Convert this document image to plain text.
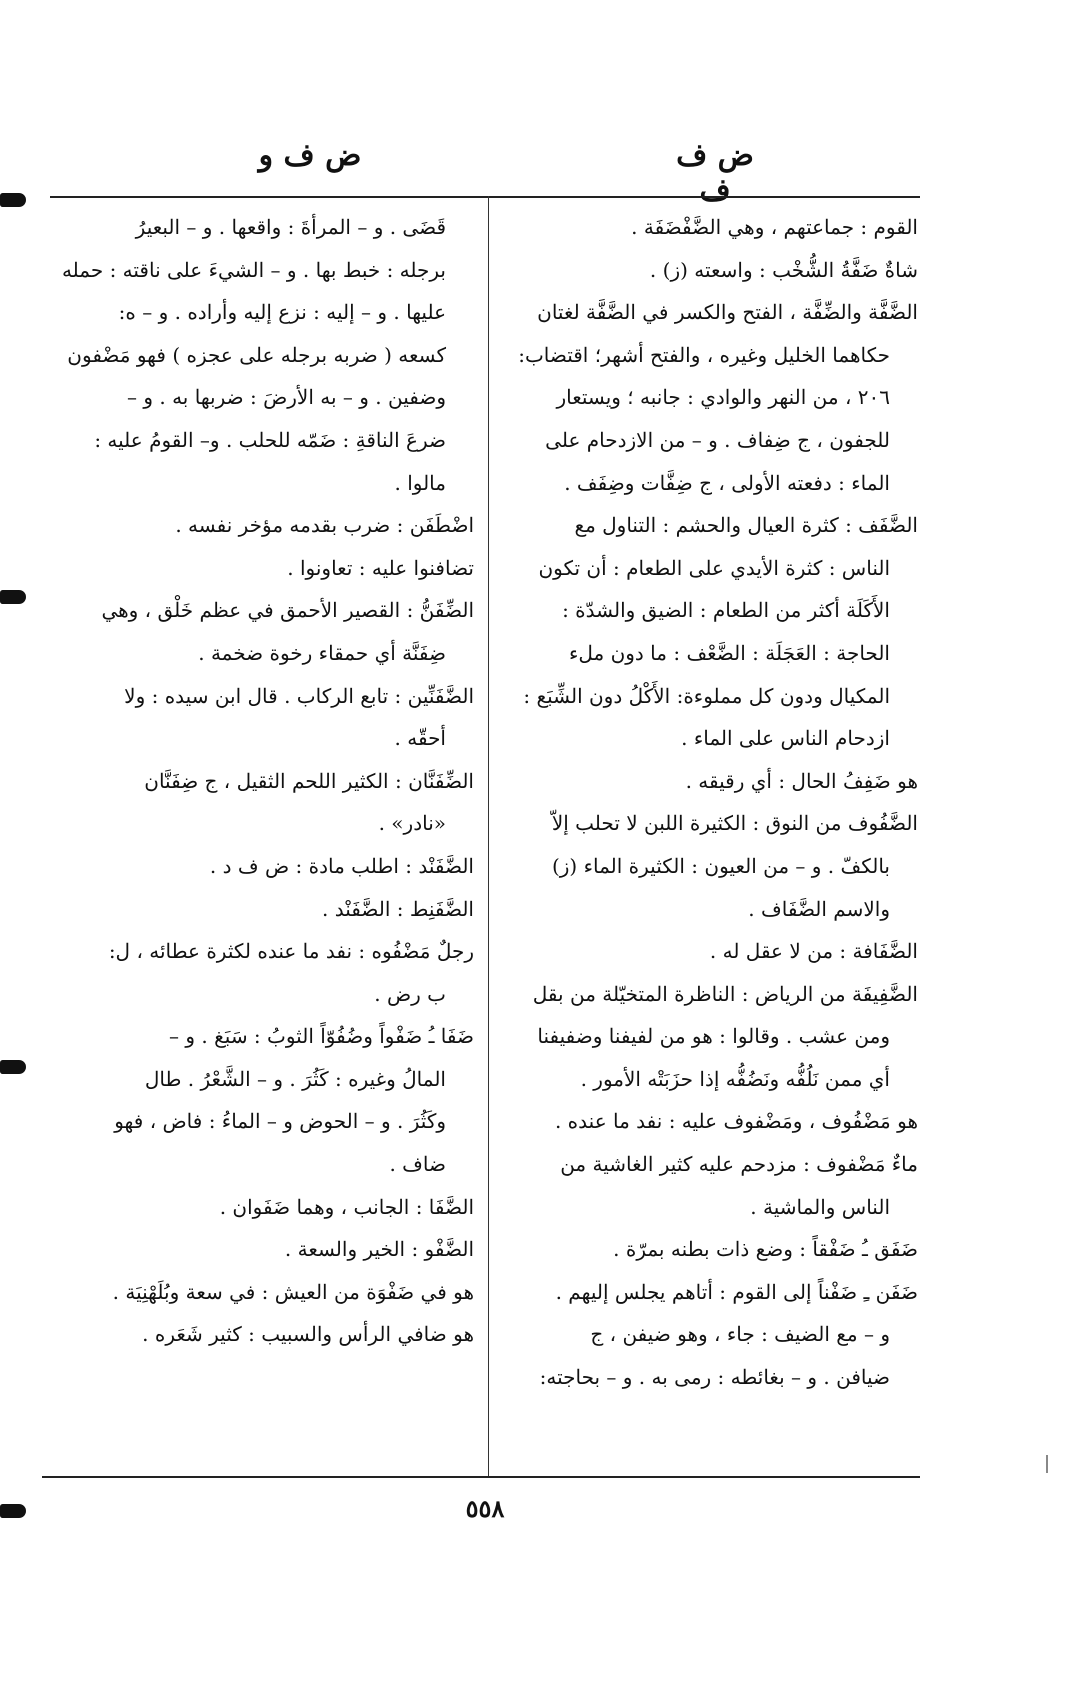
ض ف ف
ض ف و
القوم : جماعتهم ، وهي الضَّفْضَفَة .
شاةٌ ضَفَّةُ الشُّخْب : واسعته (ز) .
الضَّفَّة والضِّفَّة ، الفتح والكسر في الضَّفَّة لغتان
حكاهما الخليل وغيره ، والفتح أشهر؛ اقتضاب:
٢٠٦ ، من النهر والوادي : جانبه ؛ ويستعار
للجفون ، ج ضِفاف . و – من الازدحام على
الماء : دفعته الأولى ، ج ضِفَّات وضِفَف .
الضَّفَف : كثرة العيال والحشم : التناول مع
الناس : كثرة الأيدي على الطعام : أن تكون
الأَكَلَة أكثر من الطعام : الضيق والشدّة :
الحاجة : العَجَلَة : الضَّعْف : ما دون ملء
المكيال ودون كل مملوءة: الأَكْلُ دون الشِّبَع :
ازدحام الناس على الماء .
هو ضَفِفُ الحال : أي رقيقه .
الضَّفُوف من النوق : الكثيرة اللبن لا تحلب إلاّ
بالكفّ . و – من العيون : الكثيرة الماء (ز)
والاسم الضَّفَاف .
الضَّفَافة : من لا عقل له .
الضَّفِيفَة من الرياض : الناظرة المتخيّلة من بقل
ومن عشب . وقالوا : هو من لفيفنا وضفيفنا
أي ممن نَلُفُّه ونَضُفُّه إذا حزَبَتْه الأمور .
هو مَضْفُوف ، ومَضْفوف عليه : نفد ما عنده .
ماءٌ مَضْفوف : مزدحم عليه كثير الغاشية من
الناس والماشية .
ضَفَق ـُ ضَفْقاً : وضع ذات بطنه بمرّة .
ضَفَن ـِ ضَفْناً إلى القوم : أتاهم يجلس إليهم .
و – مع الضيف : جاء ، وهو ضيفن ، ج
ضيافن . و – بغائطه : رمى به . و – بحاجته:
قَضَى . و – المرأةَ : واقعها . و – البعيرُ
برجله : خبط بها . و – الشيءَ على ناقته : حمله
عليها . و – إليه : نزع إليه وأراده . و – ه:
كسعه ( ضربه برجله على عجزه ) فهو مَضْفون
وضفين . و – به الأرضَ : ضربها به . و –
ضرعَ الناقةِ : ضَمّه للحلب . و– القومُ عليه :
مالوا .
اضْطَفَن : ضرب بقدمه مؤخر نفسه .
تضافنوا عليه : تعاونوا .
الضِّفَنُّ : القصير الأحمق في عظم خَلْق ، وهي
ضِفَنَّة أي حمقاء رخوة ضخمة .
الضَّفَنِّين : تابع الركاب . قال ابن سيده : ولا
أحقّه .
الضِّفَنَّان : الكثير اللحم الثقيل ، ج ضِفَنَّان
«نادر» .
الضَّفَنْد : اطلب مادة : ض ف د .
الضَّفَنِط : الضَّفَنْد .
رجلٌ مَضْفُوه : نفد ما عنده لكثرة عطائه ، ل:
ب رض .
ضَفَا ـُ ضَفْواً وضُفُوّاً الثوبُ : سَبَغ . و –
المالُ وغيره : كَثُرَ . و – الشَّعْرُ . طال
وكَثُرَ . و – الحوض و – الماءُ : فاض ، فهو
ضاف .
الضَّفَا : الجانب ، وهما ضَفَوان .
الضَّفْو : الخير والسعة .
هو في ضَفْوَة من العيش : في سعة وبُلَهْنِيَة .
هو ضافي الرأس والسبيب : كثير شَعَره .
٥٥٨
